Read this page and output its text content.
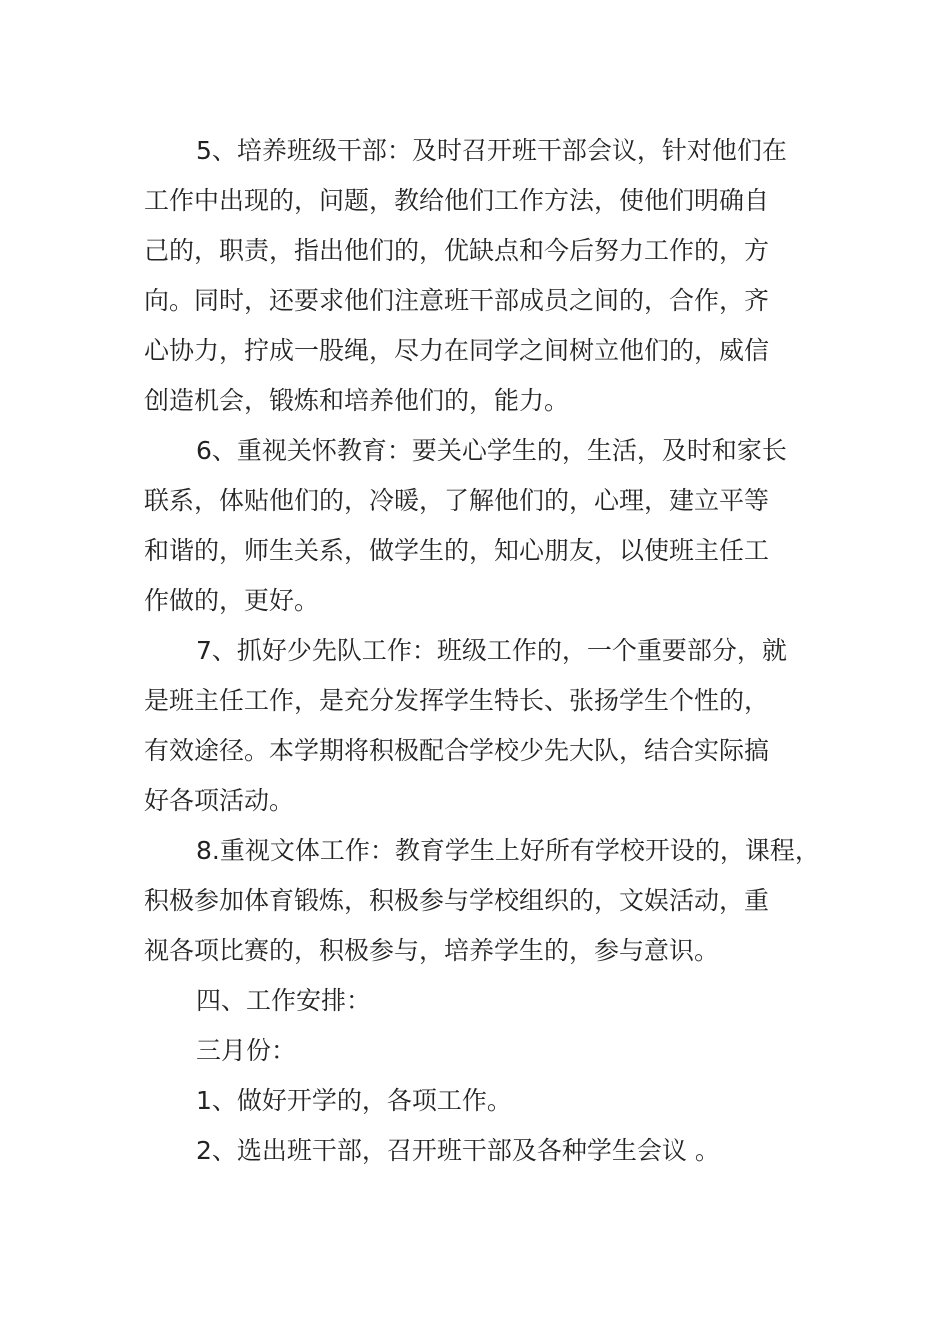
5、培养班级干部：及时召开班干部会议，针对他们在
工作中出现的，问题，教给他们工作方法，使他们明确自
己的，职责，指出他们的，优缺点和今后努力工作的，方
向。同时，还要求他们注意班干部成员之间的，合作，齐
心协力，拧成一股绳，尽力在同学之间树立他们的，威信
创造机会，锻炼和培养他们的，能力。
6、重视关怀教育：要关心学生的，生活，及时和家长
联系，体贴他们的，冷暖，了解他们的，心理，建立平等
和谐的，师生关系，做学生的，知心朋友，以使班主任工
作做的，更好。
7、抓好少先队工作：班级工作的，一个重要部分，就
是班主任工作，是充分发挥学生特长、张扬学生个性的，
有效途径。本学期将积极配合学校少先大队，结合实际搞
好各项活动。
8.重视文体工作：教育学生上好所有学校开设的，课程，
积极参加体育锻炼，积极参与学校组织的，文娱活动，重
视各项比赛的，积极参与，培养学生的，参与意识。
四、工作安排：
三月份：
1、做好开学的，各项工作。
2、选出班干部，召开班干部及各种学生会议 。
